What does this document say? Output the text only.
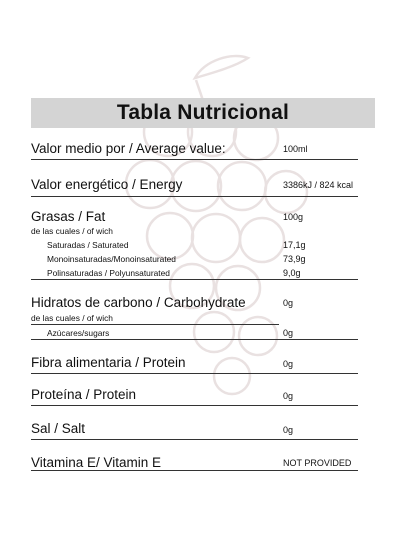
Tabla Nutricional
Valor medio por / Average value:	100ml
Valor energético / Energy	3386kJ / 824 kcal
Grasas / Fat	100g
de las cuales / of wich
Saturadas / Saturated	17,1g
Monoinsaturadas/Monoinsaturated	73,9g
Polinsaturadas / Polyunsaturated	9,0g
Hidratos de carbono / Carbohydrate	0g
de las cuales / of wich
Azúcares/sugars	0g
Fibra alimentaria / Protein	0g
Proteína / Protein	0g
Sal / Salt	0g
Vitamina E/ Vitamin E	NOT PROVIDED
